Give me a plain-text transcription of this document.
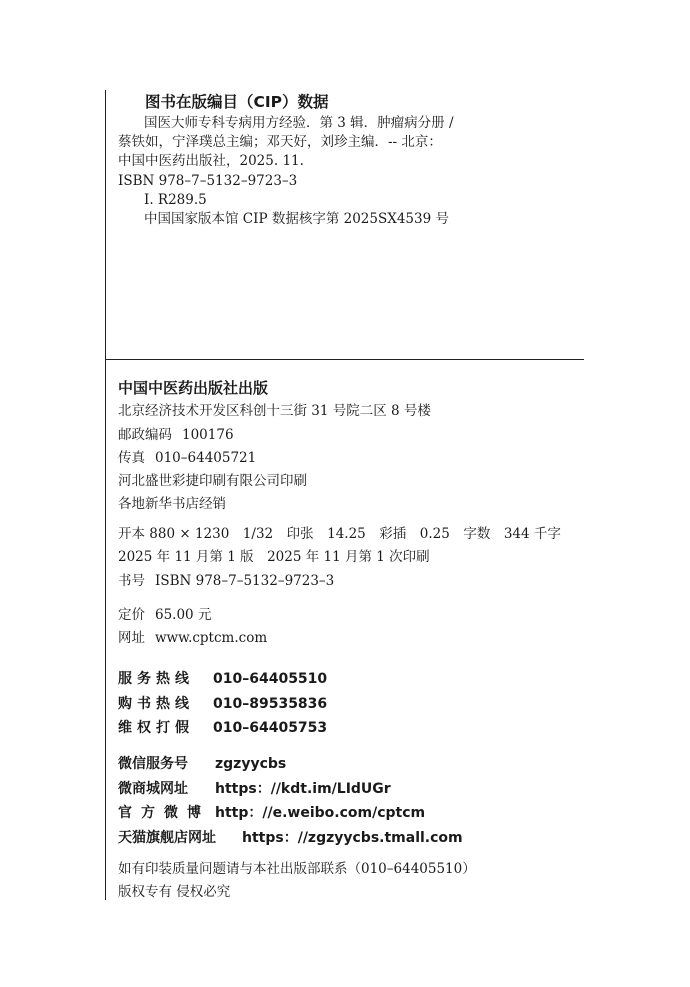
图书在版编目（CIP）数据
国医大师专科专病用方经验．第 3 辑．肿瘤病分册 /
蔡铁如，宁泽璞总主编；邓天好，刘珍主编．-- 北京：
中国中医药出版社，2025. 11.
ISBN 978–7–5132–9723–3
Ⅰ. R289.5
中国国家版本馆 CIP 数据核字第 2025SX4539 号
中国中医药出版社出版
北京经济技术开发区科创十三街 31 号院二区 8 号楼
邮政编码 100176
传真 010–64405721
河北盛世彩捷印刷有限公司印刷
各地新华书店经销
开本 880 × 1230　1/32　印张　14.25　彩插　0.25　字数　344 千字
2025 年 11 月第 1 版　2025 年 11 月第 1 次印刷
书号 ISBN 978–7–5132–9723–3
定价 65.00 元
网址 www.cptcm.com
服务热线 010–64405510
购书热线 010–89535836
维权打假 010–64405753
微信服务号 zgzyycbs
微商城网址 https：//kdt.im/LIdUGr
官方微博 http：//e.weibo.com/cptcm
天猫旗舰店网址 https：//zgzyycbs.tmall.com
如有印装质量问题请与本社出版部联系（010–64405510）
版权专有 侵权必究
